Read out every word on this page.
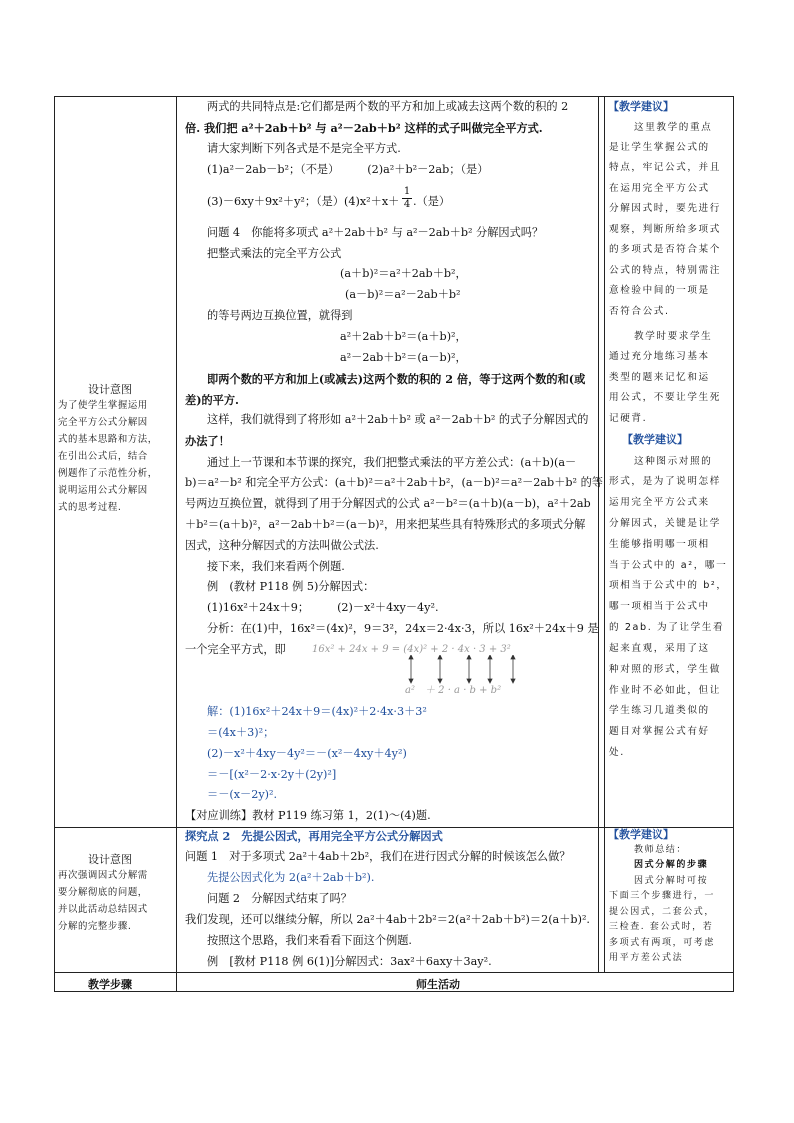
设计意图
为了使学生掌握运用
完全平方公式分解因
式的基本思路和方法，
在引出公式后，结合
例题作了示范性分析，
说明运用公式分解因
式的思考过程.
设计意图
再次强调因式分解需
要分解彻底的问题，
并以此活动总结因式
分解的完整步骤.
两式的共同特点是:它们都是两个数的平方和加上或减去这两个数的积的 2
倍. 我们把 a²＋2ab＋b² 与 a²－2ab＋b² 这样的式子叫做完全平方式.
请大家判断下列各式是不是完全平方式.
(1)a²－2ab－b²；（不是）　　　(2)a²＋b²－2ab；（是）
(3)－6xy＋9x²＋y²；（是）(4)x²＋x＋
1
4 .（是）
问题 4　你能将多项式 a²＋2ab＋b² 与 a²－2ab＋b² 分解因式吗？
把整式乘法的完全平方公式
(a＋b)²＝a²＋2ab＋b²，
(a－b)²＝a²－2ab＋b²
的等号两边互换位置，就得到
a²＋2ab＋b²＝(a＋b)²，
a²－2ab＋b²＝(a－b)²，
即两个数的平方和加上(或减去)这两个数的积的 2 倍，等于这两个数的和(或
差)的平方.
这样，我们就得到了将形如 a²＋2ab＋b² 或 a²－2ab＋b² 的式子分解因式的
办法了！
通过上一节课和本节课的探究，我们把整式乘法的平方差公式：(a＋b)(a－
b)＝a²－b² 和完全平方公式：(a＋b)²＝a²＋2ab＋b²，(a－b)²＝a²－2ab＋b² 的等
号两边互换位置，就得到了用于分解因式的公式 a²－b²＝(a＋b)(a－b)，a²＋2ab
＋b²＝(a＋b)²，a²－2ab＋b²＝(a－b)²，用来把某些具有特殊形式的多项式分解
因式，这种分解因式的方法叫做公式法.
接下来，我们来看两个例题.
例　(教材 P118 例 5)分解因式：
(1)16x²＋24x＋9；　　　(2)－x²＋4xy－4y².
分析：在(1)中，16x²＝(4x)²，9＝3²，24x＝2·4x·3，所以 16x²＋24x＋9 是
一个完全平方式，即	16x² + 24x + 9 = (4x)² + 2 · 4x · 3 + 3²
a²　＋ 2 · a · b + b²
解：(1)16x²＋24x＋9＝(4x)²＋2·4x·3＋3²
＝(4x＋3)²；
(2)－x²＋4xy－4y²＝－(x²－4xy＋4y²)
＝－[(x²－2·x·2y＋(2y)²]
＝－(x－2y)².
【对应训练】教材 P119 练习第 1，2(1)～(4)题.
【教学建议】
这里教学的重点
是让学生掌握公式的
特点，牢记公式，并且
在运用完全平方公式
分解因式时，要先进行
观察，判断所给多项式
的多项式是否符合某个
公式的特点，特别需注
意检验中间的一项是
否符合公式.
教学时要求学生
通过充分地练习基本
类型的题来记忆和运
用公式，不要让学生死
记硬背.
【教学建议】
这种图示对照的
形式，是为了说明怎样
运用完全平方公式来
分解因式，关键是让学
生能够指明哪一项相
当于公式中的 a²，哪一
项相当于公式中的 b²，
哪一项相当于公式中
的 2ab. 为了让学生看
起来直观，采用了这
种对照的形式，学生做
作业时不必如此，但让
学生练习几道类似的
题目对掌握公式有好
处.
探究点 2　先提公因式，再用完全平方公式分解因式
问题 1　对于多项式 2a²＋4ab＋2b²，我们在进行因式分解的时候该怎么做？
先提公因式化为 2(a²＋2ab＋b²).
问题 2　分解因式结束了吗？
我们发现，还可以继续分解，所以 2a²＋4ab＋2b²＝2(a²＋2ab＋b²)＝2(a＋b)².
按照这个思路，我们来看看下面这个例题.
例　[教材 P118 例 6(1)]分解因式：3ax²＋6axy＋3ay².
【教学建议】
教师总结：
因式分解的步骤
因式分解时可按
下面三个步骤进行，一
提公因式，二套公式，
三检查. 套公式时，若
多项式有两项，可考虑
用平方差公式法
教学步骤	师生活动
